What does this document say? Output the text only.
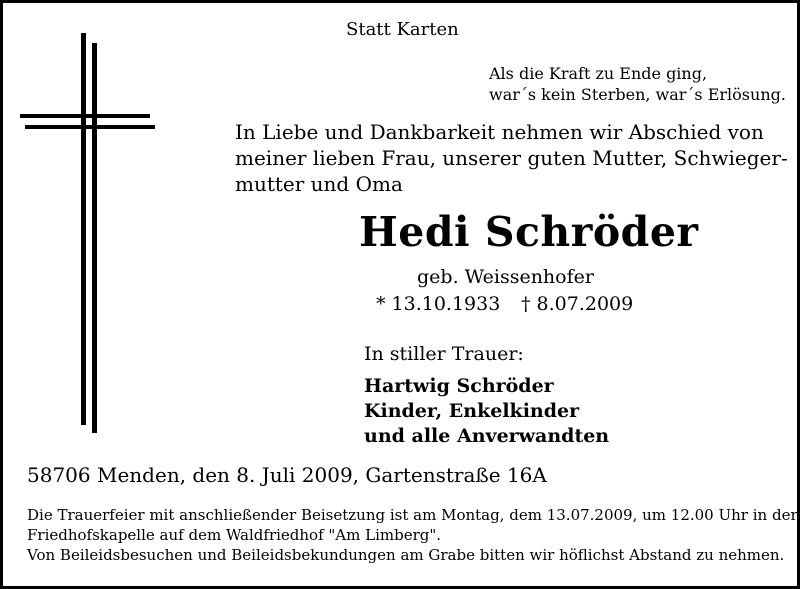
Statt Karten
Als die Kraft zu Ende ging,
war´s kein Sterben, war´s Erlösung.
In Liebe und Dankbarkeit nehmen wir Abschied von
meiner lieben Frau, unserer guten Mutter, Schwieger-
mutter und Oma
Hedi Schröder
geb. Weissenhofer
* 13.10.1933 † 8.07.2009
In stiller Trauer:
Hartwig Schröder
Kinder, Enkelkinder
und alle Anverwandten
58706 Menden, den 8. Juli 2009, Gartenstraße 16A
Die Trauerfeier mit anschließender Beisetzung ist am Montag, dem 13.07.2009, um 12.00 Uhr in der
Friedhofskapelle auf dem Waldfriedhof "Am Limberg".
Von Beileidsbesuchen und Beileidsbekundungen am Grabe bitten wir höflichst Abstand zu nehmen.
